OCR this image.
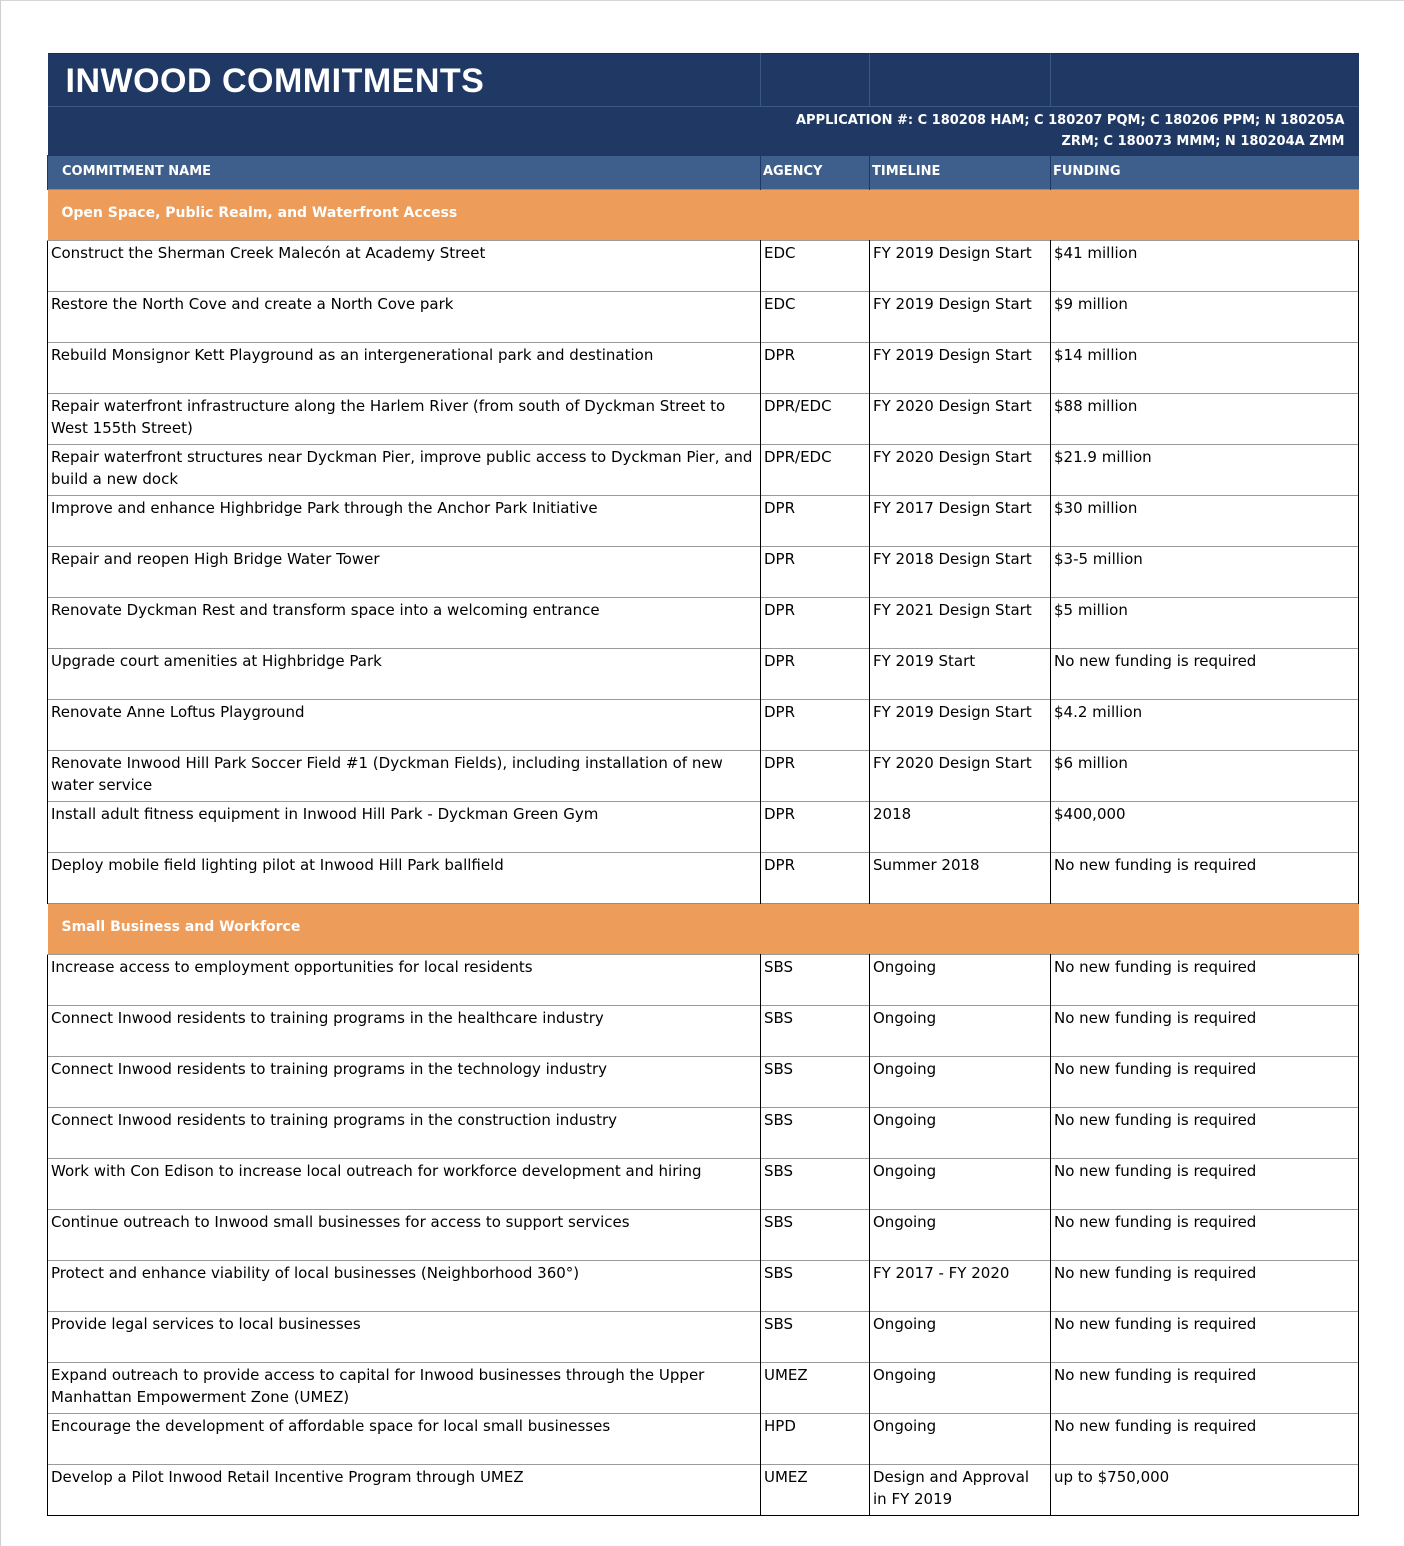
INWOOD COMMITMENTS			

	APPLICATION #: C 180208 HAM; C 180207 PQM; C 180206 PPM; N 180205A ZRM; C 180073 MMM; N 180204A ZMM		

COMMITMENT NAME	AGENCY	TIMELINE	FUNDING

Open Space, Public Realm, and Waterfront Access			

Construct the Sherman Creek Malecón at Academy Street	EDC	FY 2019 Design Start	$41 million

Restore the North Cove and create a North Cove park	EDC	FY 2019 Design Start	$9 million

Rebuild Monsignor Kett Playground as an intergenerational park and destination	DPR	FY 2019 Design Start	$14 million

Repair waterfront infrastructure along the Harlem River (from south of Dyckman Street to West 155th Street)	DPR/EDC	FY 2020 Design Start	$88 million

Repair waterfront structures near Dyckman Pier, improve public access to Dyckman Pier, and build a new dock	DPR/EDC	FY 2020 Design Start	$21.9 million

Improve and enhance Highbridge Park through the Anchor Park Initiative	DPR	FY 2017 Design Start	$30 million

Repair and reopen High Bridge Water Tower	DPR	FY 2018 Design Start	$3-5 million

Renovate Dyckman Rest and transform space into a welcoming entrance	DPR	FY 2021 Design Start	$5 million

Upgrade court amenities at Highbridge Park	DPR	FY 2019 Start	No new funding is required

Renovate Anne Loftus Playground	DPR	FY 2019 Design Start	$4.2 million

Renovate Inwood Hill Park Soccer Field #1 (Dyckman Fields), including installation of new water service	DPR	FY 2020 Design Start	$6 million

Install adult fitness equipment in Inwood Hill Park - Dyckman Green Gym	DPR	2018	$400,000

Deploy mobile field lighting pilot at Inwood Hill Park ballfield	DPR	Summer 2018	No new funding is required

Small Business and Workforce			

Increase access to employment opportunities for local residents	SBS	Ongoing	No new funding is required

Connect Inwood residents to training programs in the healthcare industry	SBS	Ongoing	No new funding is required

Connect Inwood residents to training programs in the technology industry	SBS	Ongoing	No new funding is required

Connect Inwood residents to training programs in the construction industry	SBS	Ongoing	No new funding is required

Work with Con Edison to increase local outreach for workforce development and hiring	SBS	Ongoing	No new funding is required

Continue outreach to Inwood small businesses for access to support services	SBS	Ongoing	No new funding is required

Protect and enhance viability of local businesses (Neighborhood 360°)	SBS	FY 2017 - FY 2020	No new funding is required

Provide legal services to local businesses	SBS	Ongoing	No new funding is required

Expand outreach to provide access to capital for Inwood businesses through the Upper Manhattan Empowerment Zone (UMEZ)	UMEZ	Ongoing	No new funding is required

Encourage the development of affordable space for local small businesses	HPD	Ongoing	No new funding is required

Develop a Pilot Inwood Retail Incentive Program through UMEZ	UMEZ	Design and Approval in FY 2019	up to $750,000
